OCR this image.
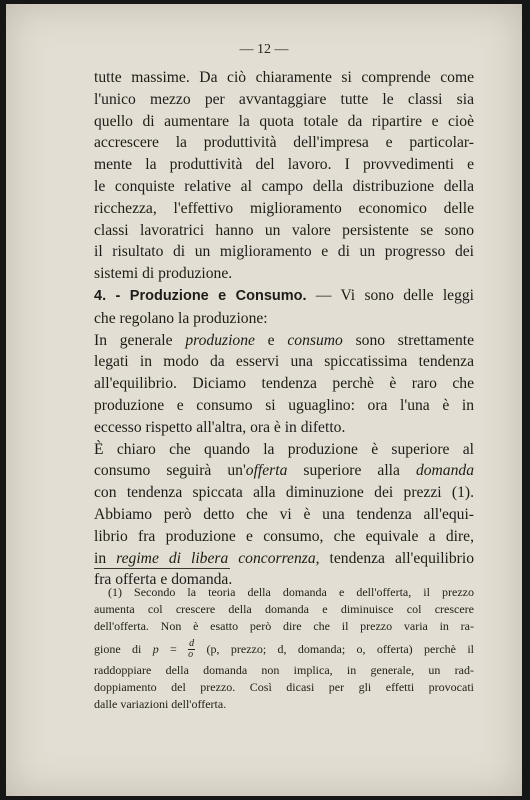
— 12 —
tutte massime. Da ciò chiaramente si comprende come
l'unico mezzo per avvantaggiare tutte le classi sia
quello di aumentare la quota totale da ripartire e cioè
accrescere la produttività dell'impresa e particolar-
mente la produttività del lavoro. I provvedimenti e
le conquiste relative al campo della distribuzione della
ricchezza, l'effettivo miglioramento economico delle
classi lavoratrici hanno un valore persistente se sono
il risultato di un miglioramento e di un progresso dei
sistemi di produzione.
4. - Produzione e Consumo. — Vi sono delle leggi
che regolano la produzione:
In generale produzione e consumo sono strettamente
legati in modo da esservi una spiccatissima tendenza
all'equilibrio. Diciamo tendenza perchè è raro che
produzione e consumo si uguaglino: ora l'una è in
eccesso rispetto all'altra, ora è in difetto.
È chiaro che quando la produzione è superiore al
consumo seguirà un'offerta superiore alla domanda
con tendenza spiccata alla diminuzione dei prezzi (1).
Abbiamo però detto che vi è una tendenza all'equi-
librio fra produzione e consumo, che equivale a dire,
in regime di libera concorrenza, tendenza all'equilibrio
fra offerta e domanda.
(1) Secondo la teoria della domanda e dell'offerta, il prezzo
aumenta col crescere della domanda e diminuisce col crescere
dell'offerta. Non è esatto però dire che il prezzo varia in ra-
gione di $p = \frac{d}{o} (p$, prezzo; d, domanda; o, offerta) perchè il
raddoppiare della domanda non implica, in generale, un rad-
doppiamento del prezzo. Così dicasi per gli effetti provocati
dalle variazioni dell'offerta.
